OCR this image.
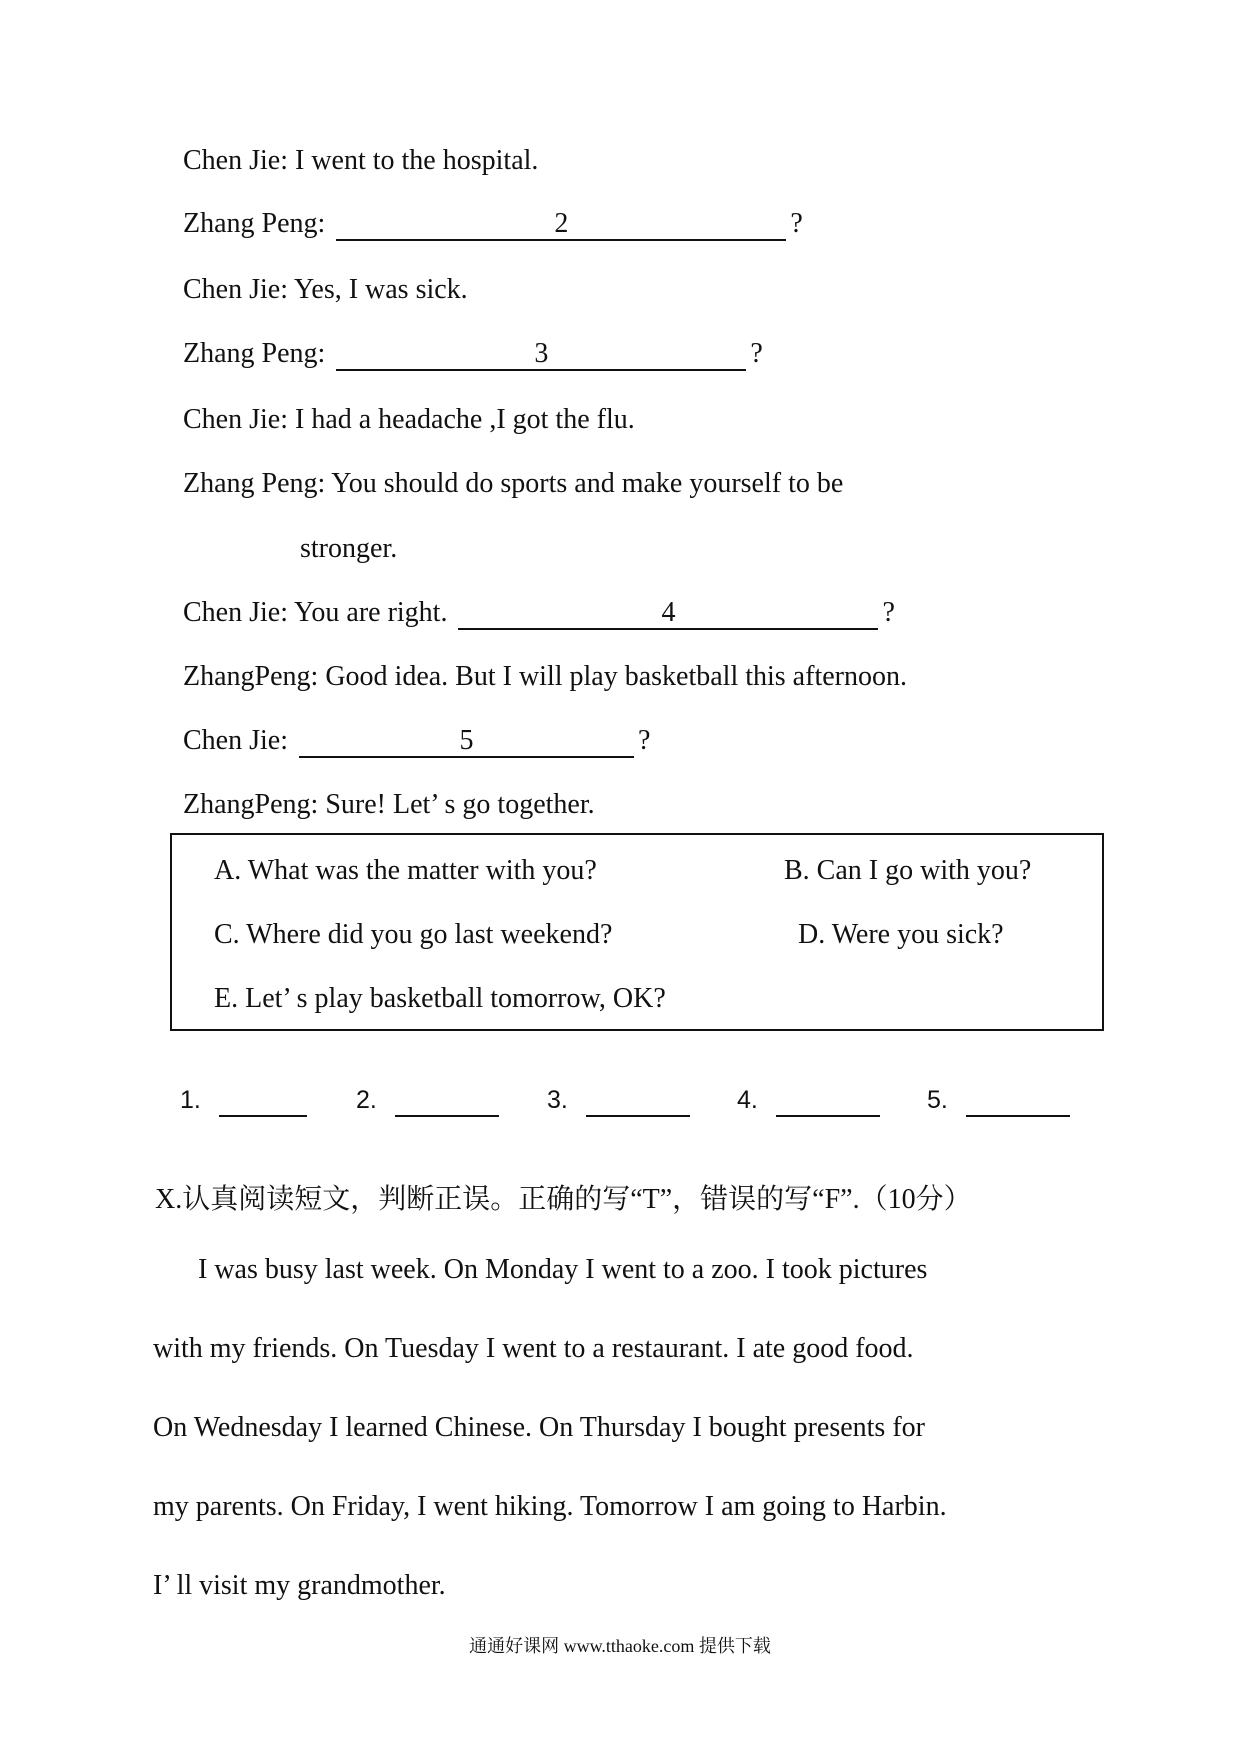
Chen Jie: I went to the hospital.
Zhang Peng:	2	?
Chen Jie: Yes, I was sick.
Zhang Peng:	3	?
Chen Jie: I had a headache ,I got the flu.
Zhang Peng: You should do sports and make yourself to be
stronger.
Chen Jie: You are right.	4	?
ZhangPeng: Good idea. But I will play basketball this afternoon.
Chen Jie:	5	?
ZhangPeng: Sure! Let’ s go together.
A. What was the matter with you?	B. Can I go with you?
C. Where did you go last weekend?	D. Were you sick?
E. Let’ s play basketball tomorrow, OK?
1.	2.	3.	4.	5.
X.认真阅读短文，判断正误。正确的写“T”，错误的写“F”.（10分）
I was busy last week. On Monday I went to a zoo. I took pictures
with my friends. On Tuesday I went to a restaurant. I ate good food.
On Wednesday I learned Chinese. On Thursday I bought presents for
my parents. On Friday, I went hiking. Tomorrow I am going to Harbin.
I’ ll visit my grandmother.
通通好课网 www.tthaoke.com 提供下载
